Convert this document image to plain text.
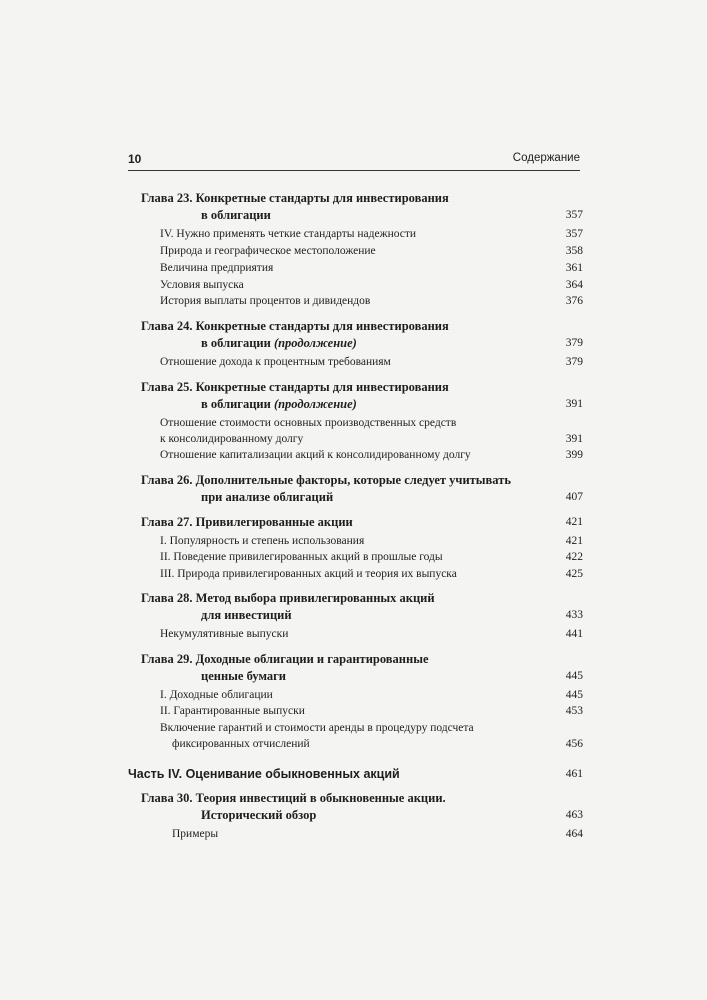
10	Содержание
Глава 23. Конкретные стандарты для инвестирования
в облигации	357
IV. Нужно применять четкие стандарты надежности	357
Природа и географическое местоположение	358
Величина предприятия	361
Условия выпуска	364
История выплаты процентов и дивидендов	376
Глава 24. Конкретные стандарты для инвестирования
в облигации (продолжение)	379
Отношение дохода к процентным требованиям	379
Глава 25. Конкретные стандарты для инвестирования
в облигации (продолжение)	391
Отношение стоимости основных производственных средств
к консолидированному долгу	391
Отношение капитализации акций к консолидированному долгу	399
Глава 26. Дополнительные факторы, которые следует учитывать
при анализе облигаций	407
Глава 27. Привилегированные акции	421
I. Популярность и степень использования	421
II. Поведение привилегированных акций в прошлые годы	422
III. Природа привилегированных акций и теория их выпуска	425
Глава 28. Метод выбора привилегированных акций
для инвестиций	433
Некумулятивные выпуски	441
Глава 29. Доходные облигации и гарантированные
ценные бумаги	445
I. Доходные облигации	445
II. Гарантированные выпуски	453
Включение гарантий и стоимости аренды в процедуру подсчета
фиксированных отчислений	456
Часть IV. Оценивание обыкновенных акций	461
Глава 30. Теория инвестиций в обыкновенные акции.
Исторический обзор	463
Примеры	464
